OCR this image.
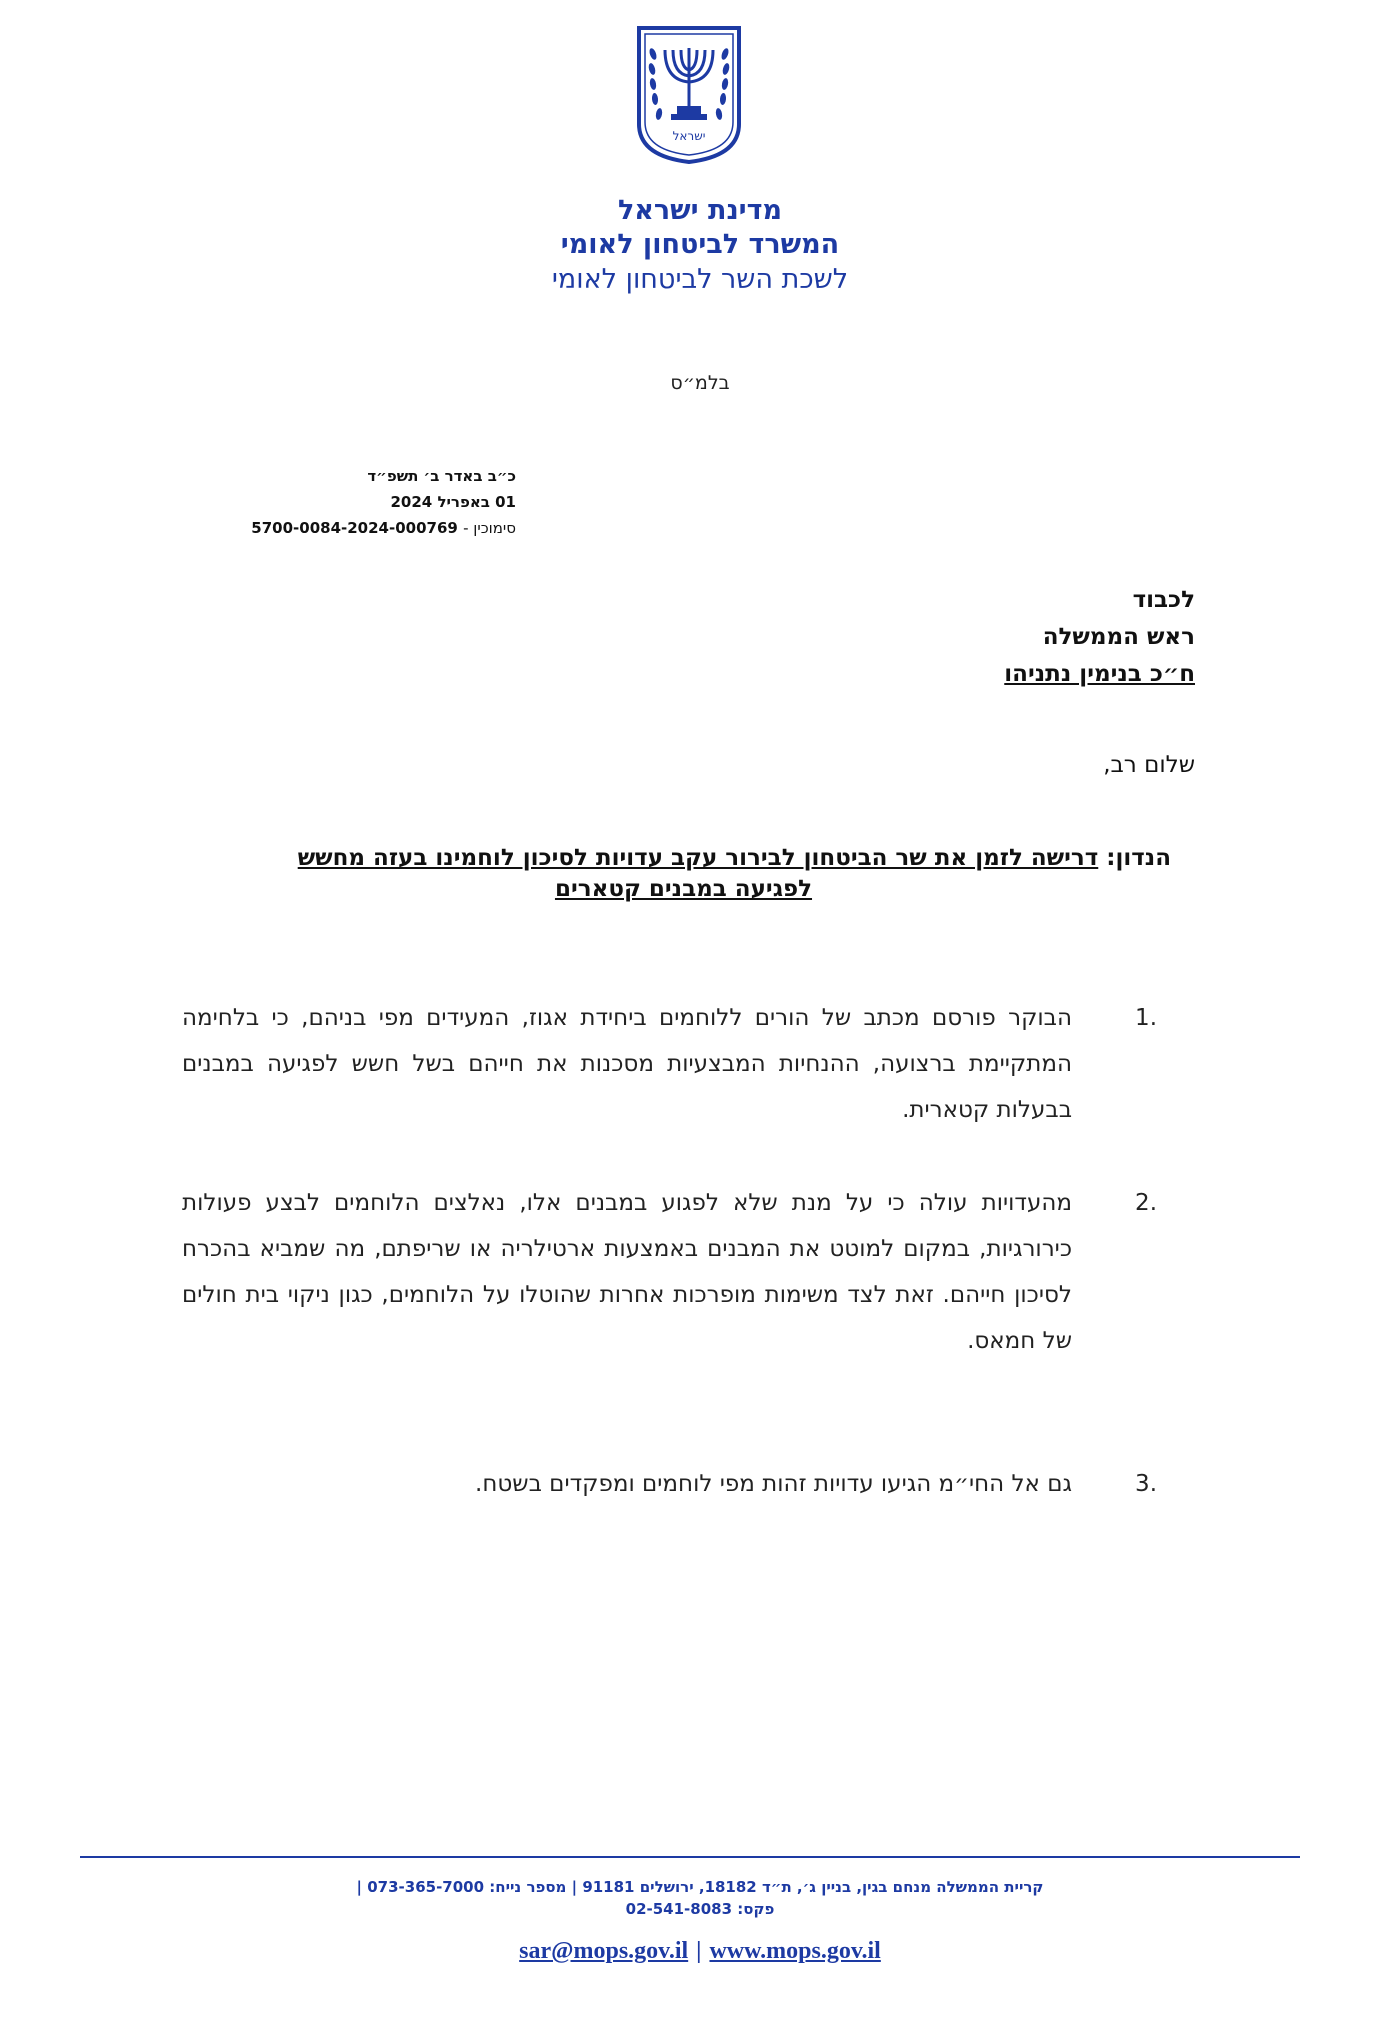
ישראל
מדינת ישראל
המשרד לביטחון לאומי
לשכת השר לביטחון לאומי
בלמ״ס
כ״ב באדר ב׳ תשפ״ד
01 באפריל 2024
סימוכין - 5700-0084-2024-000769
לכבוד
ראש הממשלה
ח״כ בנימין נתניהו
שלום רב,
הנדון: דרישה לזמן את שר הביטחון לבירור עקב עדויות לסיכון לוחמינו בעזה מחשש
לפגיעה במבנים קטארים
.1
הבוקר פורסם מכתב של הורים ללוחמים ביחידת אגוז, המעידים מפי בניהם, כי בלחימה המתקיימת ברצועה, ההנחיות המבצעיות מסכנות את חייהם בשל חשש לפגיעה במבנים בבעלות קטארית.
.2
מהעדויות עולה כי על מנת שלא לפגוע במבנים אלו, נאלצים הלוחמים לבצע פעולות כירורגיות, במקום למוטט את המבנים באמצעות ארטילריה או שריפתם, מה שמביא בהכרח לסיכון חייהם. זאת לצד משימות מופרכות אחרות שהוטלו על הלוחמים, כגון ניקוי בית חולים של חמאס.
.3
גם אל החי״מ הגיעו עדויות זהות מפי לוחמים ומפקדים בשטח.
קריית הממשלה מנחם בגין, בניין ג׳, ת״ד 18182, ירושלים 91181 | מספר נייח: 073-365-7000 |
פקס: 02-541-8083
sar@mops.gov.il | www.mops.gov.il
